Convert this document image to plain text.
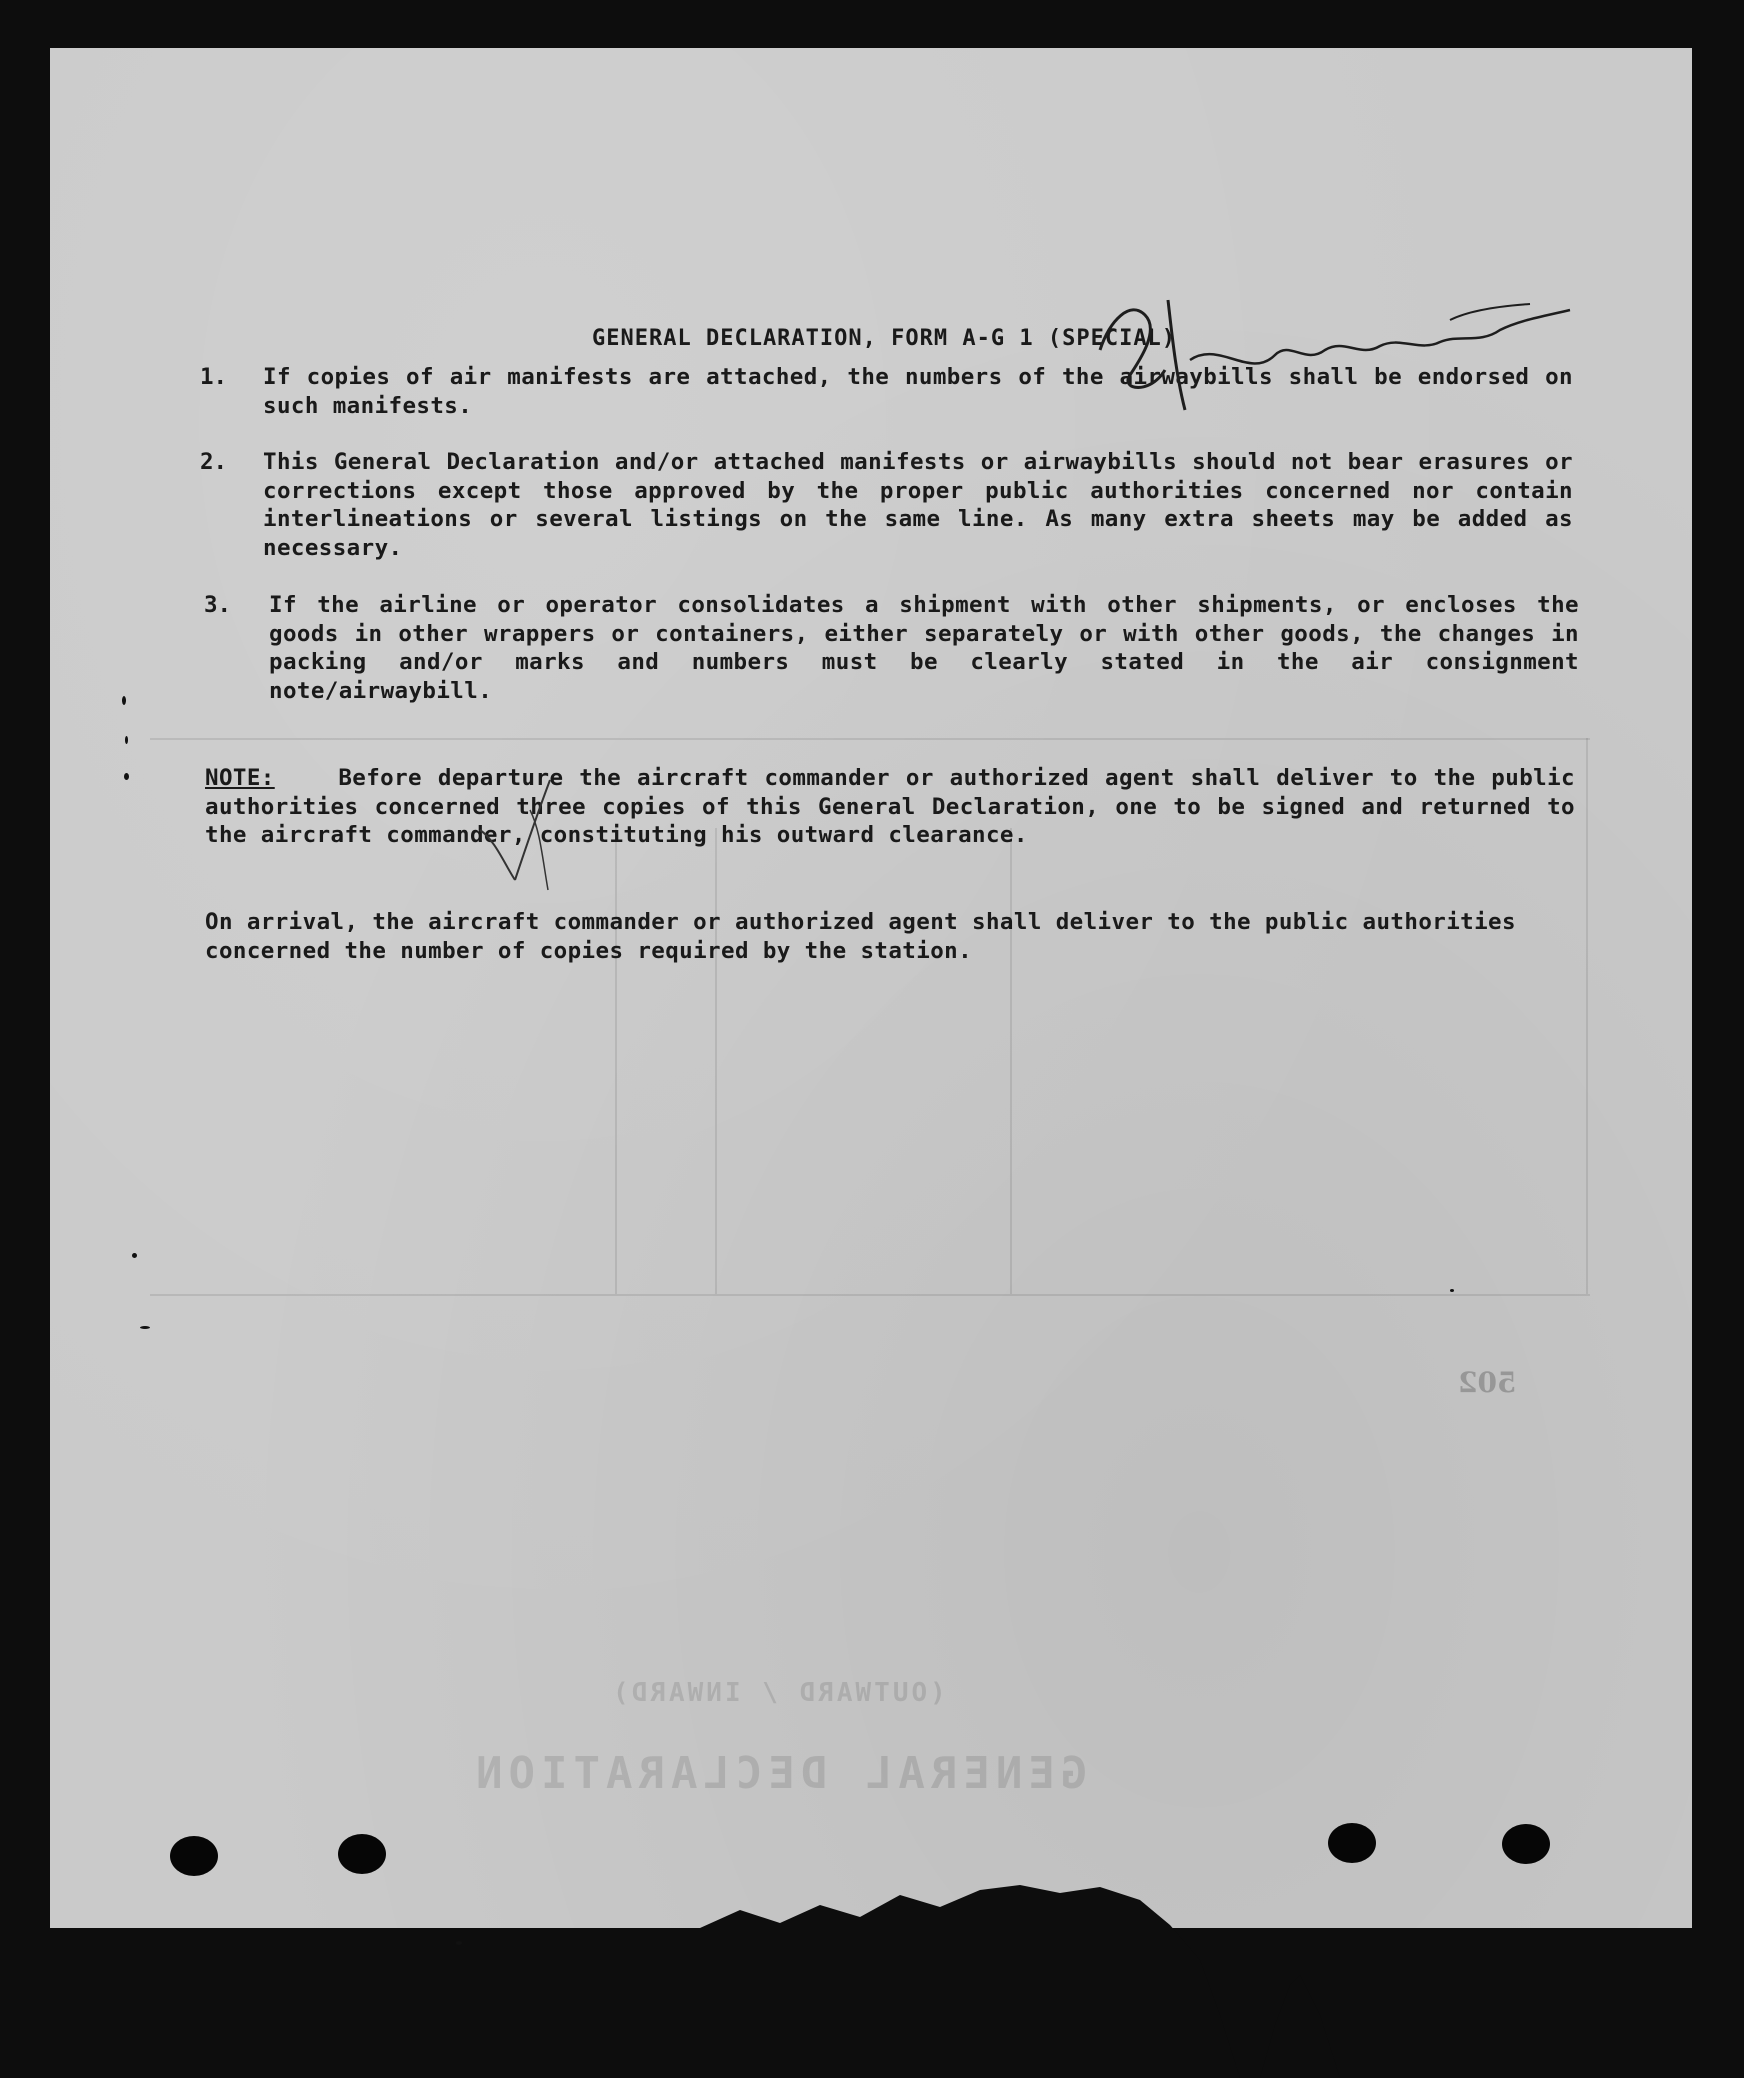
GENERAL DECLARATION
(OUTWARD / INWARD)
502
GENERAL DECLARATION, FORM A-G 1 (SPECIAL)
1. If copies of air manifests are attached, the numbers of the airwaybills shall be endorsed on such manifests.
2. This General Declaration and/or attached manifests or airwaybills should not bear erasures or corrections except those approved by the proper public authorities concerned nor contain interlineations or several listings on the same line. As many extra sheets may be added as necessary.
3. If the airline or operator consolidates a shipment with other shipments, or encloses the goods in other wrappers or containers, either separately or with other goods, the changes in packing and/or marks and numbers must be clearly stated in the air consignment note/airwaybill.
NOTE:	Before departure the aircraft commander or authorized agent shall deliver to the public authorities concerned three copies of this General Declaration, one to be signed and returned to the aircraft commander, constituting his outward clearance.
On arrival, the aircraft commander or authorized agent shall deliver to the public authorities concerned the number of copies required by the station.
